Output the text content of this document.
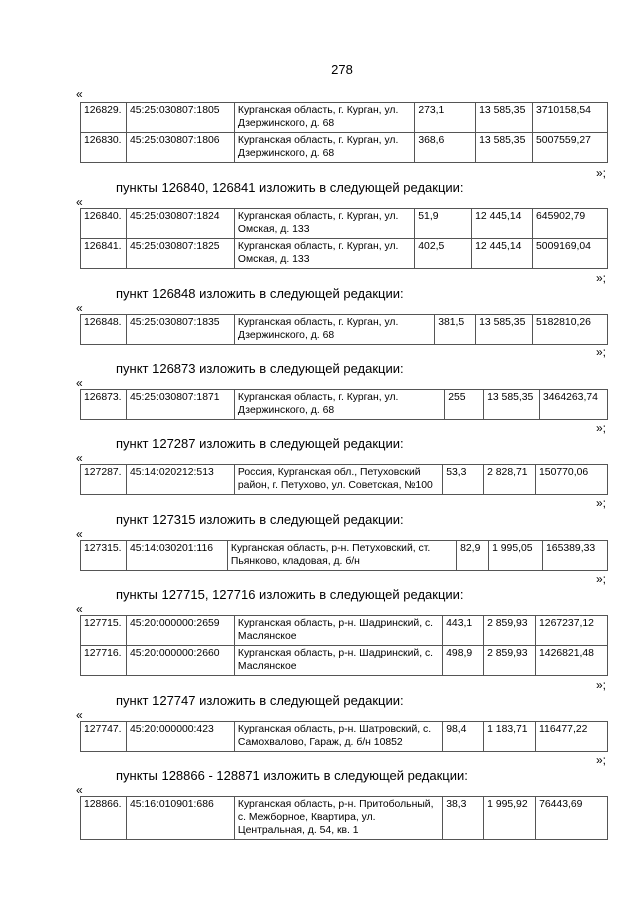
278
«
126829.	45:25:030807:1805	Курганская область, г. Курган, ул. Дзержинского, д. 68	273,1	13 585,35	3710158,54
126830.	45:25:030807:1806	Курганская область, г. Курган, ул. Дзержинского, д. 68	368,6	13 585,35	5007559,27
»;
пункты 126840, 126841 изложить в следующей редакции:
«
126840.	45:25:030807:1824	Курганская область, г. Курган, ул. Омская, д. 133	51,9	12 445,14	645902,79
126841.	45:25:030807:1825	Курганская область, г. Курган, ул. Омская, д. 133	402,5	12 445,14	5009169,04
»;
пункт 126848 изложить в следующей редакции:
«
126848.	45:25:030807:1835	Курганская область, г. Курган, ул. Дзержинского, д. 68	381,5	13 585,35	5182810,26
»;
пункт 126873 изложить в следующей редакции:
«
126873.	45:25:030807:1871	Курганская область, г. Курган, ул. Дзержинского, д. 68	255	13 585,35	3464263,74
»;
пункт 127287 изложить в следующей редакции:
«
127287.	45:14:020212:513	Россия, Курганская обл., Петуховский район, г. Петухово, ул. Советская, №100	53,3	2 828,71	150770,06
»;
пункт 127315 изложить в следующей редакции:
«
127315.	45:14:030201:116	Курганская область, р-н. Петуховский, ст. Пьянково, кладовая, д. б/н	82,9	1 995,05	165389,33
»;
пункты 127715, 127716 изложить в следующей редакции:
«
127715.	45:20:000000:2659	Курганская область, р-н. Шадринский, с. Маслянское	443,1	2 859,93	1267237,12
127716.	45:20:000000:2660	Курганская область, р-н. Шадринский, с. Маслянское	498,9	2 859,93	1426821,48
»;
пункт 127747 изложить в следующей редакции:
«
127747.	45:20:000000:423	Курганская область, р-н. Шатровский, с. Самохвалово, Гараж, д. б/н 10852	98,4	1 183,71	116477,22
»;
пункты 128866 - 128871 изложить в следующей редакции:
«
128866.	45:16:010901:686	Курганская область, р-н. Притобольный, с. Межборное, Квартира, ул. Центральная, д. 54, кв. 1	38,3	1 995,92	76443,69
